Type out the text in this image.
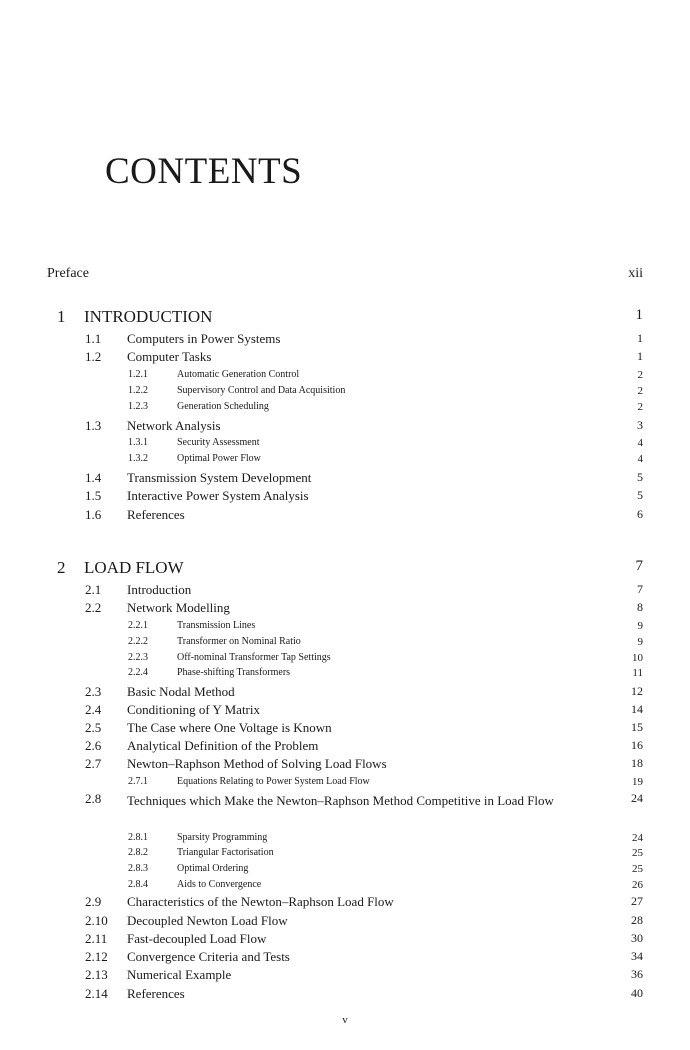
CONTENTS
Preface	xii
1 INTRODUCTION	1
1.1 Computers in Power Systems	1
1.2 Computer Tasks	1
1.2.1	Automatic Generation Control	2
1.2.2	Supervisory Control and Data Acquisition	2
1.2.3	Generation Scheduling	2
1.3 Network Analysis	3
1.3.1	Security Assessment	4
1.3.2	Optimal Power Flow	4
1.4 Transmission System Development	5
1.5 Interactive Power System Analysis	5
1.6 References	6
2 LOAD FLOW	7
2.1 Introduction	7
2.2 Network Modelling	8
2.2.1	Transmission Lines	9
2.2.2	Transformer on Nominal Ratio	9
2.2.3	Off-nominal Transformer Tap Settings	10
2.2.4	Phase-shifting Transformers	11
2.3 Basic Nodal Method	12
2.4 Conditioning of Y Matrix	14
2.5 The Case where One Voltage is Known	15
2.6 Analytical Definition of the Problem	16
2.7 Newton–Raphson Method of Solving Load Flows	18
2.7.1	Equations Relating to Power System Load Flow	19
2.8 Techniques which Make the Newton–Raphson Method Competitive in Load Flow	24
2.8.1	Sparsity Programming	24
2.8.2	Triangular Factorisation	25
2.8.3	Optimal Ordering	25
2.8.4	Aids to Convergence	26
2.9 Characteristics of the Newton–Raphson Load Flow	27
2.10 Decoupled Newton Load Flow	28
2.11 Fast-decoupled Load Flow	30
2.12 Convergence Criteria and Tests	34
2.13 Numerical Example	36
2.14 References	40
v
